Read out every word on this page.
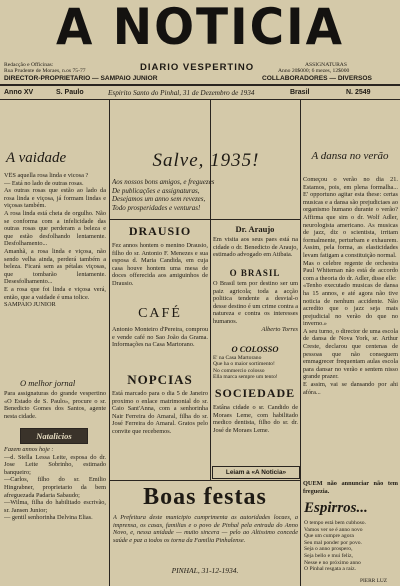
A NOTICIA
Redacção e Officinas:
Rua Prudente de Moraes, n.os 75-77	DIARIO VESPERTINO	ASSIGNATURAS
Anno 20$000; 6 mezes, 12$000
DIRECTOR-PROPRIETARIO — SAMPAIO JUNIOR	COLLABORADORES — DIVERSOS
Anno XV	S. Paulo	Espirito Santo do Pinhal, 31 de Dezembro de 1934	Brasil	N. 2549
A vaidade

VÊS aquella rosa linda e vicosa ?

— Está no lado de outras rosas.

As outras rosas que estão ao lado da rosa linda e viçosa, já formam lindas e viçosas também.

A rosa linda está cheia de orgulho. Não se conforma com a infelicidade das outras rosas que perderam a beleza e que estão desfolhando lentamente. Desfolhamento...

Amanhã, a rosa linda e viçosa, não sendo velha ainda, perderá também a beleza. Ficará sem as pétalas viçosas, que tombarão lentamente. Desesfolhamento...

E a rosa que foi linda e viçosa verá, então, que a vaidade é uma tolice.

SAMPAIO JUNIOR

O melhor jornal

Para assignaturas do grande vespertino «O Estado de S. Paulo», procure o sr. Benedicto Gomes dos Santos, agente nesta cidade.

Natalicios

Fazem annos hoje :

—d. Stella Lessa Leite, esposa do dr. Jose Leite Sobrinho, estimado banqueiro;

—Carlos, filho do sr. Emilio Hingrabner, proprietario da bem afreguezada Padaria Sabaudo;

—Wilma, filha do habilitado escrivão, sr. Jansen Junior;

— gentil senhorinha Delvina Elias.

Salve, 1935!

Aos nossos bons amigos, e freguezes

De publicações e assignaturas,

Desejamos um anno sem revezes,

Todo prosperidades e venturas!

DRAUSIO

Fez annos hontem o menino Drausio, filho do sr. Antonio F. Menezes e sua esposa d. Maria Candida, em cuja casa houve hontem uma mesa de doces offerecida aos amiguinhos de Drausio.

CAFÉ

Antonio Monteiro d'Pereira, comprou e vende café no Sao João da Grama. Informações na Casa Martorano.

NOPCIAS

Está marcado para o dia 5 de Janeiro proximo o enlace matrimonial do sr. Caio Sant'Anna, com a senhorinha Nair Ferreira do Amaral, filha do sr. José Ferreira do Amaral. Gratos pelo convite que recebemos.

Dr. Araujo

Em visita aos seus paes está na cidade o dr. Benedicto de Araujo, estimado advogado em Atibaia.

O BRASIL

O Brasil tem por destino ser um paiz agricola; toda a acção politica tendente a desvial-o desse destino é um crime contra a natureza e contra os interesses humanos.

Alberto Torres

O COLOSSO

E' na Casa Martorano

Que ha o maior sortimento!

No commercio colosso

Ella marca sempre um tento!

SOCIEDADE

Estâna cidade o sr. Candido de Moraes Leme, com habilitado medico dentista, filho do sr. dr. José de Moraes Leme.

Leiam a «A Noticia»
Boas festas

A Prefeitura deste municipio cumprimenta as autoridades locaes, a imprensa, os casas, familias e o povo de Pinhal pela entrada do Anno Novo, e, nessa unidade — muito sincera — pelo ao Altissimo concede saúde e paz a todos os torna da Familia Pinhalense.

PINHAL, 31-12-1934.
A dansa no verão

Começou o verão no dia 21. Estamos, pois, em plena formalha... E' opportuno agitar esta these: certas musicas e a dansa são prejudiciaes ao organismo humano durante o verão? Affirma que sim o dr. Wolf Adler, neurologista americano. As musicas de jazz, diz o scientista, irritam formalmente, perturbam e exhaurem. Assim, pela forma, as elasticidades levam fatigam a constituição normal.

Mas o celebre regente de orchestra Paul Whiteman não está de accordo com a theoria do dr. Adler, disse elle:

«Tenho executado musicas de dansa ha 15 annos, e até agora não tive noticia de nenhum accidente. Não acredito que o jazz seja mais prejudicial no verão do que no inverno.»

A seu turno, o director de uma escola de dansa de Nova York, sr. Arthur Creste, declarou que centenas de pessoas que não conseguem emmagrecer frequentam aulas escola para dansar no verão e sentem nisso grande prazer.

E assim, vai se dansando por ahi afóra...

QUEM não annunciar não tem freguezia.

Espirros...

O tempo está bem cubhoso.

Vamos ver se é anno novo

Que um cumpre agora

Seu mal ponder por povo.

Seja o anno prospero,

Seja bello e mui feliz,

Nesse e no próximo anno

O Pinhal resgata a raiz.

PIERR LUZ
